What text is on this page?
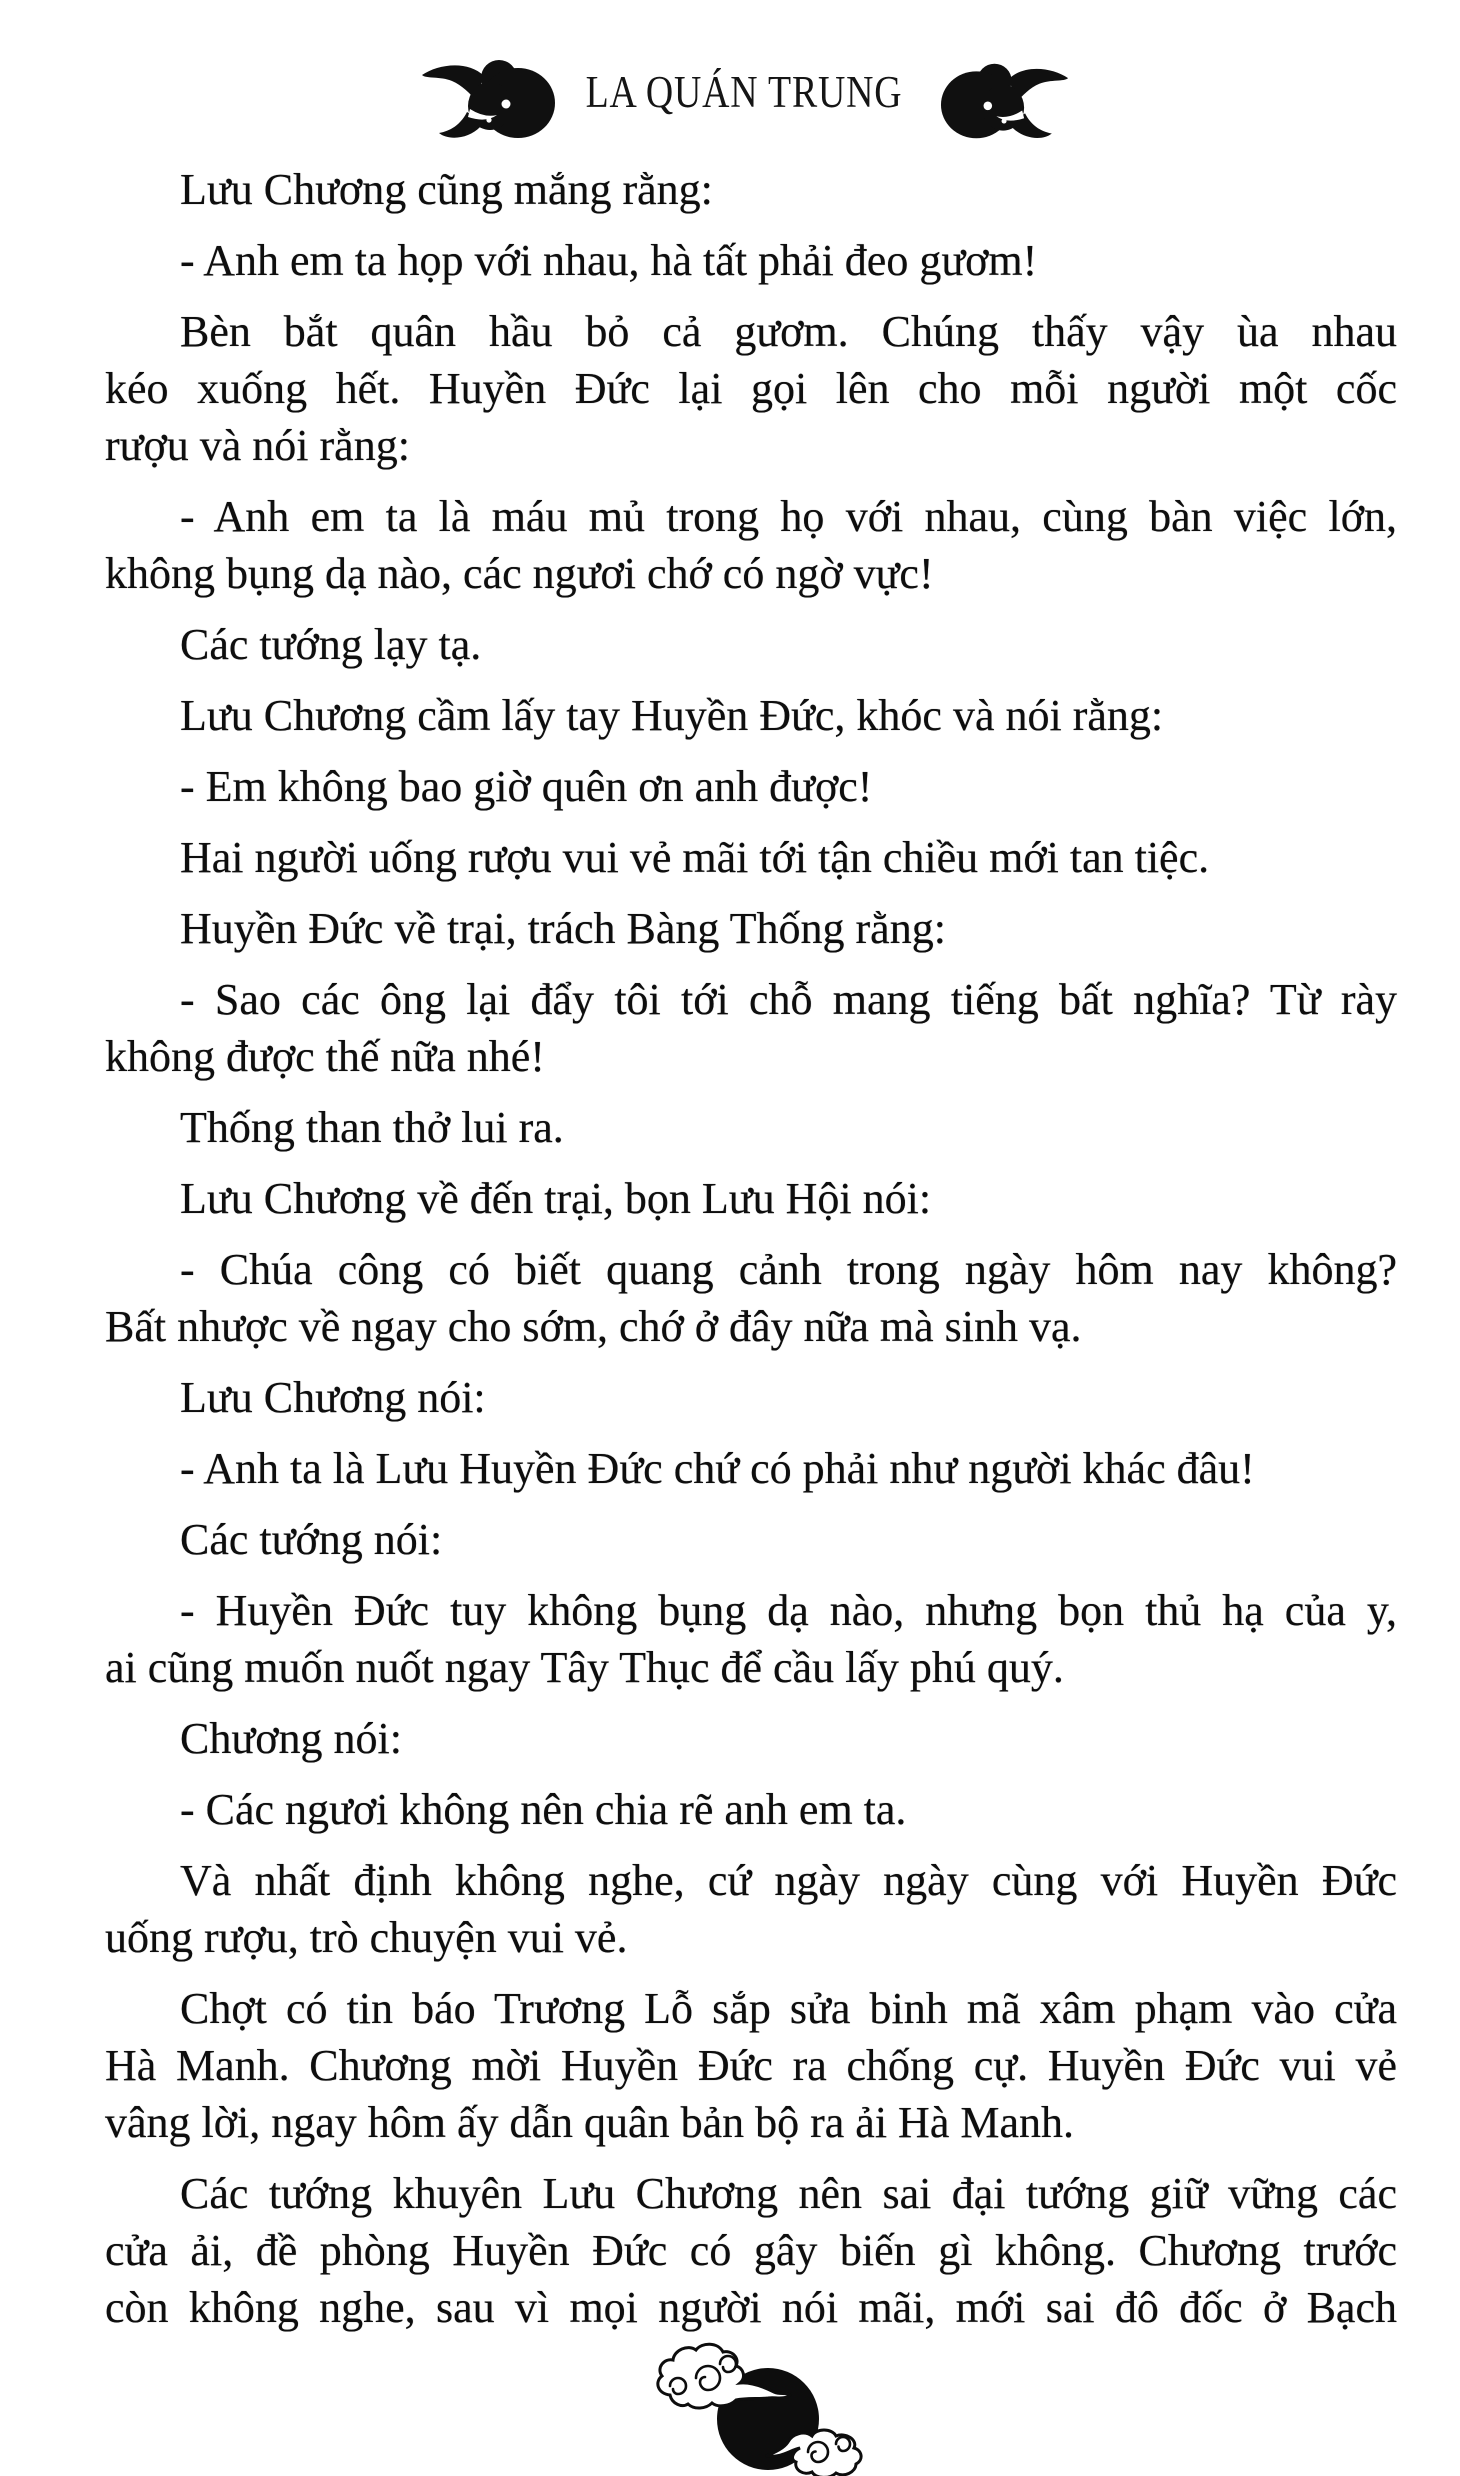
LA QUÁN TRUNG

Lưu Chương cũng mắng rằng:

- Anh em ta họp với nhau, hà tất phải đeo gươm!

Bèn bắt quân hầu bỏ cả gươm. Chúng thấy vậy ùa nhau
kéo xuống hết. Huyền Đức lại gọi lên cho mỗi người một cốc
rượu và nói rằng:

- Anh em ta là máu mủ trong họ với nhau, cùng bàn việc lớn,
không bụng dạ nào, các ngươi chớ có ngờ vực!

Các tướng lạy tạ.

Lưu Chương cầm lấy tay Huyền Đức, khóc và nói rằng:

- Em không bao giờ quên ơn anh được!

Hai người uống rượu vui vẻ mãi tới tận chiều mới tan tiệc.

Huyền Đức về trại, trách Bàng Thống rằng:

- Sao các ông lại đẩy tôi tới chỗ mang tiếng bất nghĩa? Từ rày
không được thế nữa nhé!

Thống than thở lui ra.

Lưu Chương về đến trại, bọn Lưu Hội nói:

- Chúa công có biết quang cảnh trong ngày hôm nay không?
Bất nhược về ngay cho sớm, chớ ở đây nữa mà sinh vạ.

Lưu Chương nói:

- Anh ta là Lưu Huyền Đức chứ có phải như người khác đâu!

Các tướng nói:

- Huyền Đức tuy không bụng dạ nào, nhưng bọn thủ hạ của y,
ai cũng muốn nuốt ngay Tây Thục để cầu lấy phú quý.

Chương nói:

- Các ngươi không nên chia rẽ anh em ta.

Và nhất định không nghe, cứ ngày ngày cùng với Huyền Đức
uống rượu, trò chuyện vui vẻ.

Chợt có tin báo Trương Lỗ sắp sửa binh mã xâm phạm vào cửa
Hà Manh. Chương mời Huyền Đức ra chống cự. Huyền Đức vui vẻ
vâng lời, ngay hôm ấy dẫn quân bản bộ ra ải Hà Manh.

Các tướng khuyên Lưu Chương nên sai đại tướng giữ vững các
cửa ải, đề phòng Huyền Đức có gây biến gì không. Chương trước
còn không nghe, sau vì mọi người nói mãi, mới sai đô đốc ở Bạch
